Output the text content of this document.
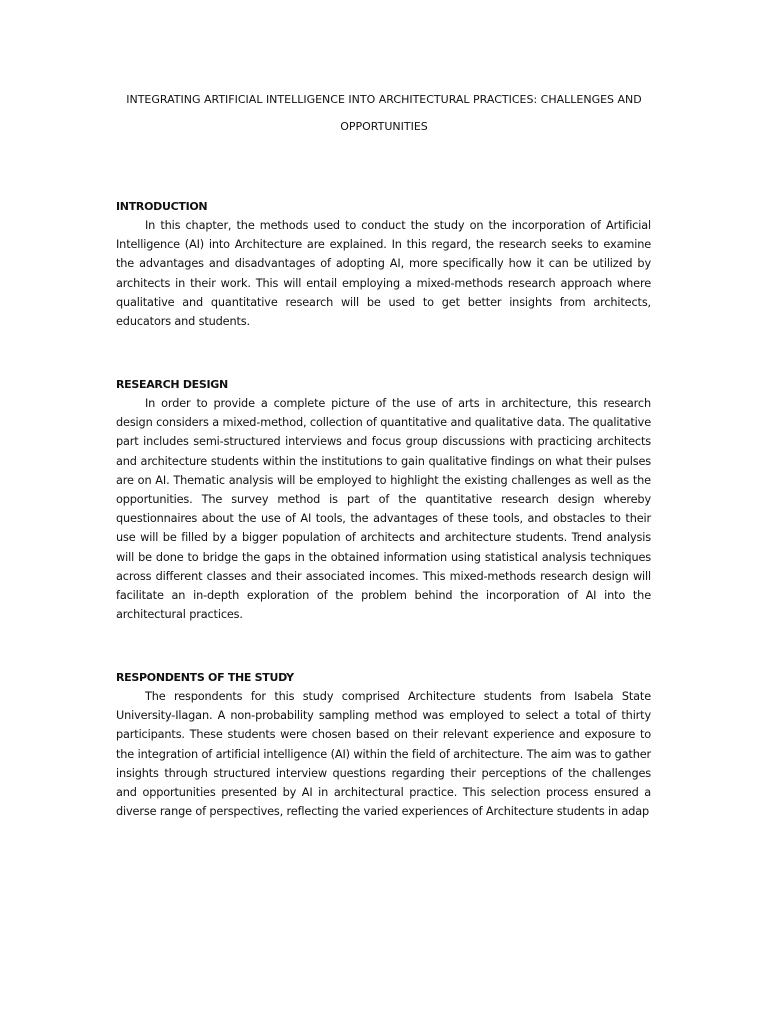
INTEGRATING ARTIFICIAL INTELLIGENCE INTO ARCHITECTURAL PRACTICES: CHALLENGES AND OPPORTUNITIES

INTRODUCTION

In this chapter, the methods used to conduct the study on the incorporation of Artificial Intelligence (AI) into Architecture are explained. In this regard, the research seeks to examine the advantages and disadvantages of adopting AI, more specifically how it can be utilized by architects in their work. This will entail employing a mixed-methods research approach where qualitative and quantitative research will be used to get better insights from architects, educators and students.

RESEARCH DESIGN

In order to provide a complete picture of the use of arts in architecture, this research design considers a mixed-method, collection of quantitative and qualitative data. The qualitative part includes semi-structured interviews and focus group discussions with practicing architects and architecture students within the institutions to gain qualitative findings on what their pulses are on AI. Thematic analysis will be employed to highlight the existing challenges as well as the opportunities. The survey method is part of the quantitative research design whereby questionnaires about the use of AI tools, the advantages of these tools, and obstacles to their use will be filled by a bigger population of architects and architecture students. Trend analysis will be done to bridge the gaps in the obtained information using statistical analysis techniques across different classes and their associated incomes. This mixed-methods research design will facilitate an in-depth exploration of the problem behind the incorporation of AI into the architectural practices.

RESPONDENTS OF THE STUDY

The respondents for this study comprised Architecture students from Isabela State University-Ilagan. A non-probability sampling method was employed to select a total of thirty participants. These students were chosen based on their relevant experience and exposure to the integration of artificial intelligence (AI) within the field of architecture. The aim was to gather insights through structured interview questions regarding their perceptions of the challenges and opportunities presented by AI in architectural practice. This selection process ensured a diverse range of perspectives, reflecting the varied experiences of Architecture students in adap
